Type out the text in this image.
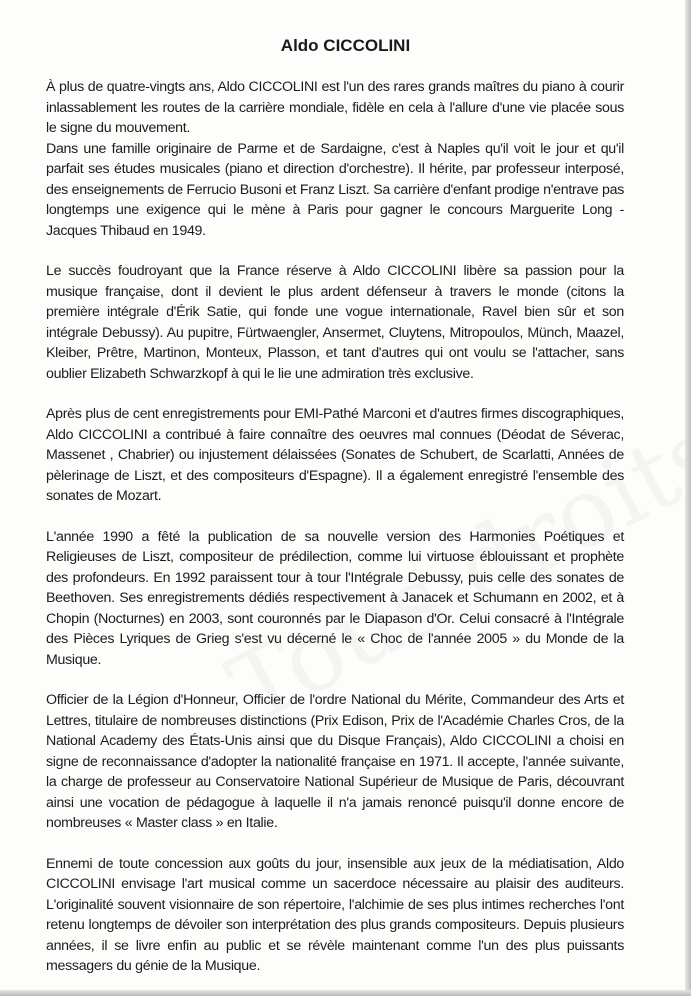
Aldo CICCOLINI

À plus de quatre-vingts ans, Aldo CICCOLINI est l'un des rares grands maîtres du piano à courir inlassablement les routes de la carrière mondiale, fidèle en cela à l'allure d'une vie placée sous le signe du mouvement.

Dans une famille originaire de Parme et de Sardaigne, c'est à Naples qu'il voit le jour et qu'il parfait ses études musicales (piano et direction d'orchestre). Il hérite, par professeur interposé, des enseignements de Ferrucio Busoni et Franz Liszt. Sa carrière d'enfant prodige n'entrave pas longtemps une exigence qui le mène à Paris pour gagner le concours Marguerite Long - Jacques Thibaud en 1949.

Le succès foudroyant que la France réserve à Aldo CICCOLINI libère sa passion pour la musique française, dont il devient le plus ardent défenseur à travers le monde (citons la première intégrale d'Érik Satie, qui fonde une vogue internationale, Ravel bien sûr et son intégrale Debussy). Au pupitre, Fürtwaengler, Ansermet, Cluytens, Mitropoulos, Münch, Maazel, Kleiber, Prêtre, Martinon, Monteux, Plasson, et tant d'autres qui ont voulu se l'attacher, sans oublier Elizabeth Schwarzkopf à qui le lie une admiration très exclusive.

Après plus de cent enregistrements pour EMI-Pathé Marconi et d'autres firmes discographiques, Aldo CICCOLINI a contribué à faire connaître des oeuvres mal connues (Déodat de Séverac, Massenet , Chabrier) ou injustement délaissées (Sonates de Schubert, de Scarlatti, Années de pèlerinage de Liszt, et des compositeurs d'Espagne). Il a également enregistré l'ensemble des sonates de Mozart.

L'année 1990 a fêté la publication de sa nouvelle version des Harmonies Poétiques et Religieuses de Liszt, compositeur de prédilection, comme lui virtuose éblouissant et prophète des profondeurs. En 1992 paraissent tour à tour l'Intégrale Debussy, puis celle des sonates de Beethoven. Ses enregistrements dédiés respectivement à Janacek et Schumann en 2002, et à Chopin (Nocturnes) en 2003, sont couronnés par le Diapason d'Or. Celui consacré à l'Intégrale des Pièces Lyriques de Grieg s'est vu décerné le « Choc de l'année 2005 » du Monde de la Musique.

Officier de la Légion d'Honneur, Officier de l'ordre National du Mérite, Commandeur des Arts et Lettres, titulaire de nombreuses distinctions (Prix Edison, Prix de l'Académie Charles Cros, de la National Academy des États-Unis ainsi que du Disque Français), Aldo CICCOLINI a choisi en signe de reconnaissance d'adopter la nationalité française en 1971. Il accepte, l'année suivante, la charge de professeur au Conservatoire National Supérieur de Musique de Paris, découvrant ainsi une vocation de pédagogue à laquelle il n'a jamais renoncé puisqu'il donne encore de nombreuses « Master class » en Italie.

Ennemi de toute concession aux goûts du jour, insensible aux jeux de la médiatisation, Aldo CICCOLINI envisage l'art musical comme un sacerdoce nécessaire au plaisir des auditeurs. L'originalité souvent visionnaire de son répertoire, l'alchimie de ses plus intimes recherches l'ont retenu longtemps de dévoiler son interprétation des plus grands compositeurs. Depuis plusieurs années, il se livre enfin au public et se révèle maintenant comme l'un des plus puissants messagers du génie de la Musique.
